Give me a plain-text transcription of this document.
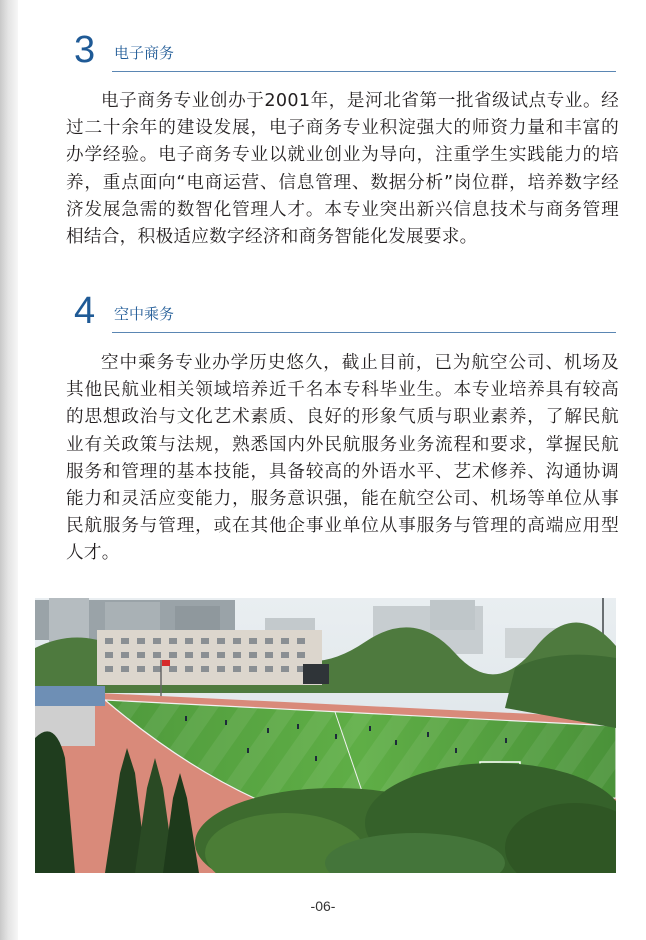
3 电子商务

电子商务专业创办于2001年，是河北省第一批省级试点专业。经过二十余年的建设发展，电子商务专业积淀强大的师资力量和丰富的办学经验。电子商务专业以就业创业为导向，注重学生实践能力的培养，重点面向“电商运营、信息管理、数据分析”岗位群，培养数字经济发展急需的数智化管理人才。本专业突出新兴信息技术与商务管理相结合，积极适应数字经济和商务智能化发展要求。

4 空中乘务

空中乘务专业办学历史悠久，截止目前，已为航空公司、机场及其他民航业相关领域培养近千名本专科毕业生。本专业培养具有较高的思想政治与文化艺术素质、良好的形象气质与职业素养，了解民航业有关政策与法规，熟悉国内外民航服务业务流程和要求，掌握民航服务和管理的基本技能，具备较高的外语水平、艺术修养、沟通协调能力和灵活应变能力，服务意识强，能在航空公司、机场等单位从事民航服务与管理，或在其他企事业单位从事服务与管理的高端应用型人才。

-06-
